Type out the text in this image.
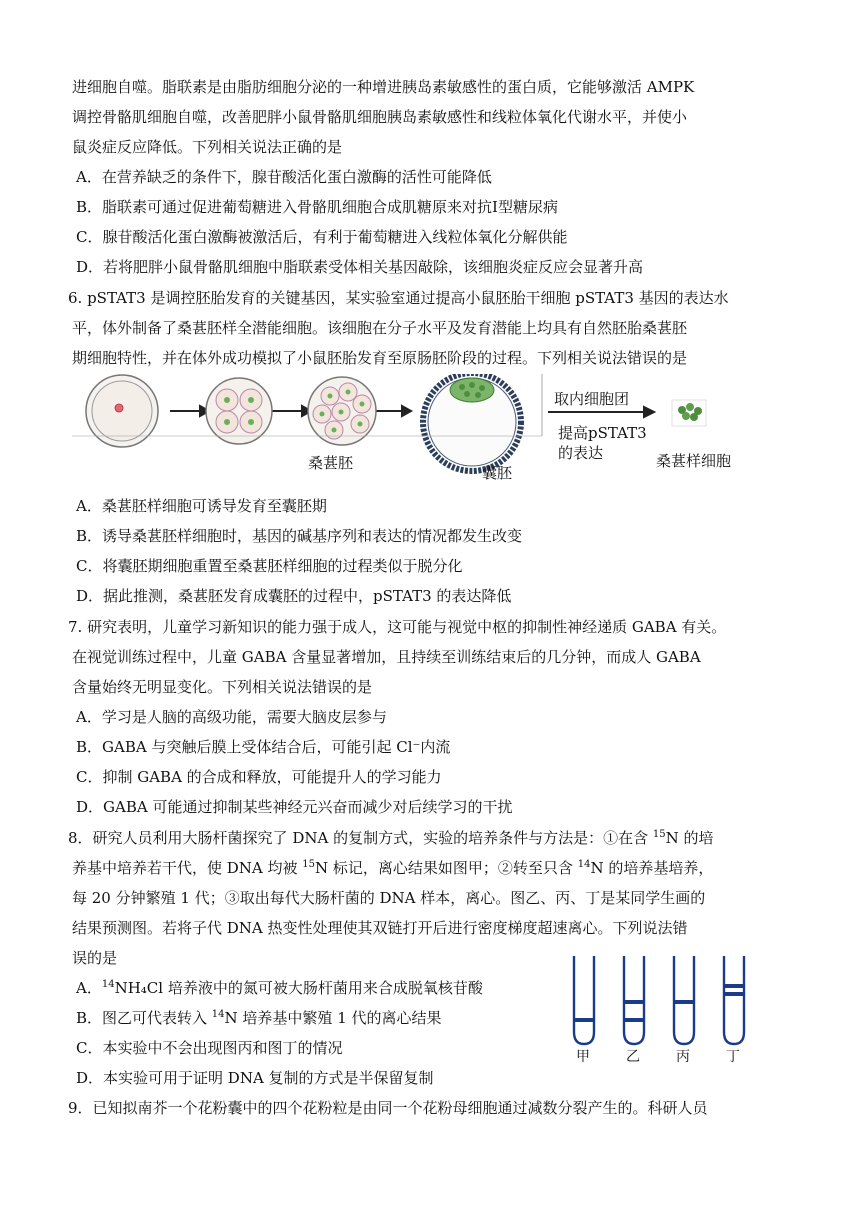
进细胞自噬。脂联素是由脂肪细胞分泌的一种增进胰岛素敏感性的蛋白质，它能够激活 AMPK
调控骨骼肌细胞自噬，改善肥胖小鼠骨骼肌细胞胰岛素敏感性和线粒体氧化代谢水平，并使小
鼠炎症反应降低。下列相关说法正确的是
A．在营养缺乏的条件下，腺苷酸活化蛋白激酶的活性可能降低
B．脂联素可通过促进葡萄糖进入骨骼肌细胞合成肌糖原来对抗Ⅰ型糖尿病
C．腺苷酸活化蛋白激酶被激活后，有利于葡萄糖进入线粒体氧化分解供能
D．若将肥胖小鼠骨骼肌细胞中脂联素受体相关基因敲除，该细胞炎症反应会显著升高
6. pSTAT3 是调控胚胎发育的关键基因，某实验室通过提高小鼠胚胎干细胞 pSTAT3 基因的表达水
平，体外制备了桑葚胚样全潜能细胞。该细胞在分子水平及发育潜能上均具有自然胚胎桑葚胚
期细胞特性，并在体外成功模拟了小鼠胚胎发育至原肠胚阶段的过程。下列相关说法错误的是
桑葚胚
囊胚
取内细胞团
提高pSTAT3
的表达	桑葚样细胞
A．桑葚胚样细胞可诱导发育至囊胚期
B．诱导桑葚胚样细胞时，基因的碱基序列和表达的情况都发生改变
C．将囊胚期细胞重置至桑葚胚样细胞的过程类似于脱分化
D．据此推测，桑葚胚发育成囊胚的过程中，pSTAT3 的表达降低
7. 研究表明，儿童学习新知识的能力强于成人，这可能与视觉中枢的抑制性神经递质 GABA 有关。
在视觉训练过程中，儿童 GABA 含量显著增加，且持续至训练结束后的几分钟，而成人 GABA
含量始终无明显变化。下列相关说法错误的是
A．学习是人脑的高级功能，需要大脑皮层参与
B．GABA 与突触后膜上受体结合后，可能引起 Cl⁻内流
C．抑制 GABA 的合成和释放，可能提升人的学习能力
D．GABA 可能通过抑制某些神经元兴奋而减少对后续学习的干扰
8．研究人员利用大肠杆菌探究了 DNA 的复制方式，实验的培养条件与方法是：①在含 $^{15}$N 的培
养基中培养若干代，使 DNA 均被 $^{15}$N 标记，离心结果如图甲；②转至只含 $^{14}$N 的培养基培养，
每 20 分钟繁殖 1 代；③取出每代大肠杆菌的 DNA 样本，离心。图乙、丙、丁是某同学生画的
结果预测图。若将子代 DNA 热变性处理使其双链打开后进行密度梯度超速离心。下列说法错
误的是
A．$^{14}$NH₄Cl 培养液中的氮可被大肠杆菌用来合成脱氧核苷酸
B．图乙可代表转入 $^{14}$N 培养基中繁殖 1 代的离心结果
C．本实验中不会出现图丙和图丁的情况
D．本实验可用于证明 DNA 复制的方式是半保留复制
甲	乙	丙	丁
9．已知拟南芥一个花粉囊中的四个花粉粒是由同一个花粉母细胞通过减数分裂产生的。科研人员
